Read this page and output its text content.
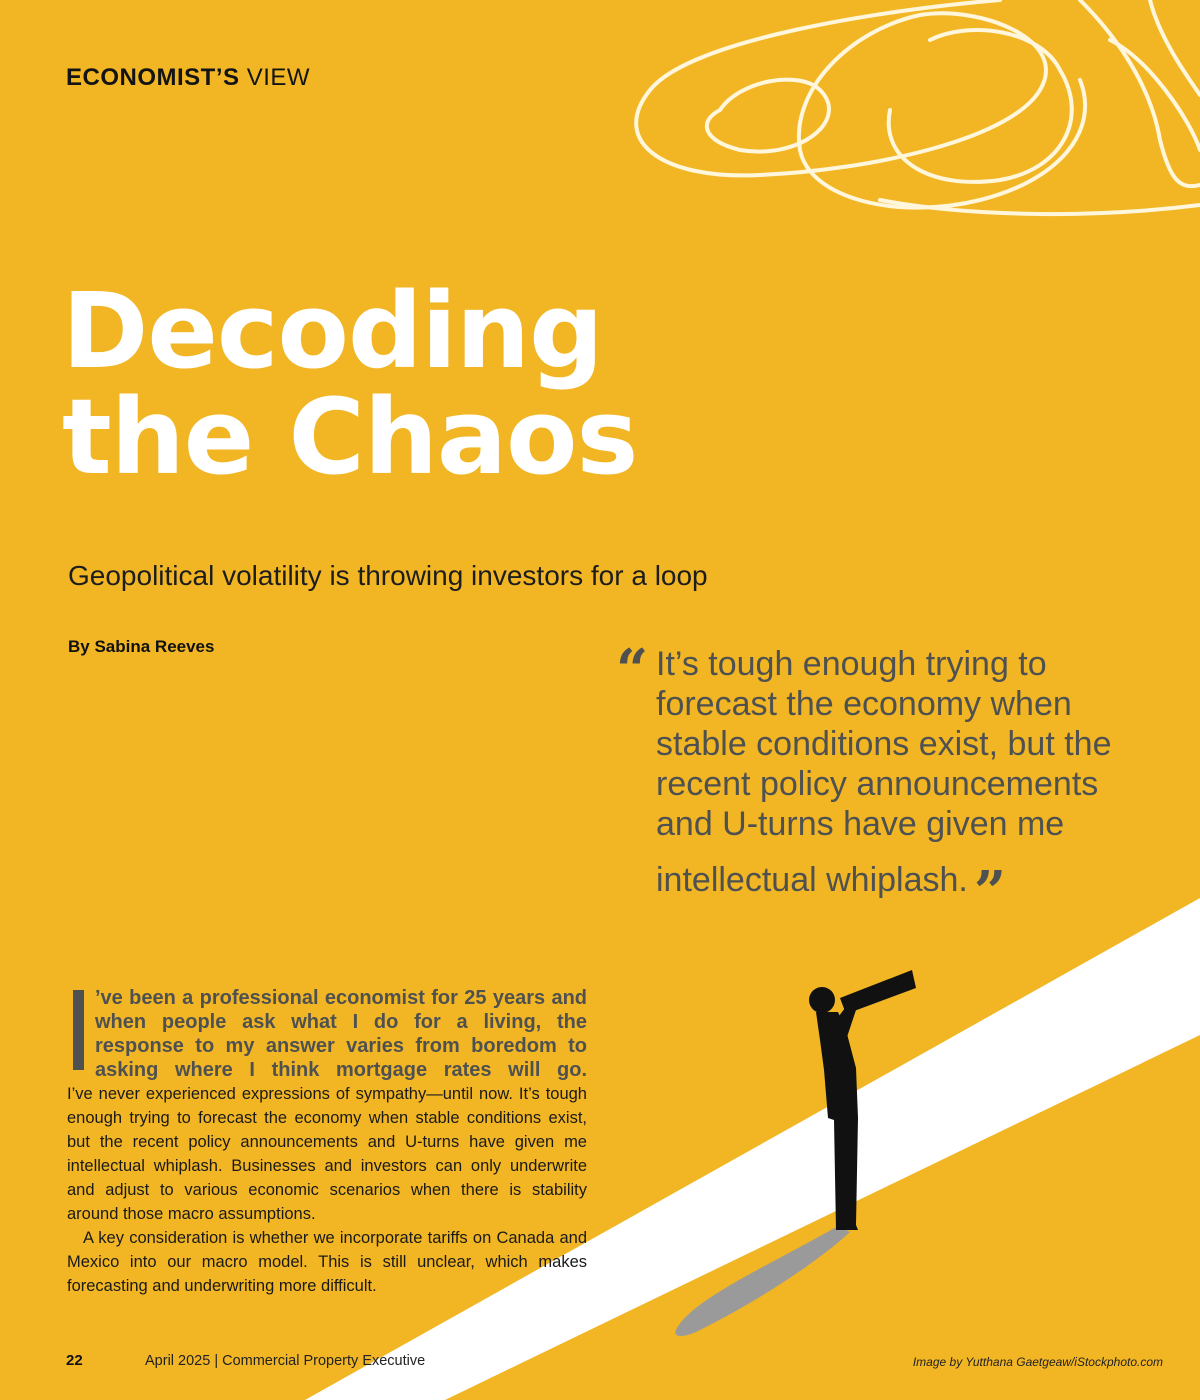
ECONOMIST’S VIEW
Decoding
the Chaos
Geopolitical volatility is throwing investors for a loop
By Sabina Reeves	“ It’s tough enough trying to forecast the economy when stable conditions exist, but the recent policy announcements and U-turns have given me intellectual whiplash. ”
’ve been a professional economist for 25 years and when people ask what I do for a living, the response to my answer varies from boredom to asking where I think mortgage rates will go.

I’ve never experienced expressions of sympathy—until now. It’s tough enough trying to forecast the economy when stable conditions exist, but the recent policy announcements and U-turns have given me intellectual whiplash. Businesses and investors can only underwrite and adjust to various economic scenarios when there is stability around those macro assumptions.

A key consideration is whether we incorporate tariffs on Canada and Mexico into our macro model. This is still unclear, which makes forecasting and underwriting more difficult.

22	April 2025 | Commercial Property Executive	Image by Yutthana Gaetgeaw/iStockphoto.com
